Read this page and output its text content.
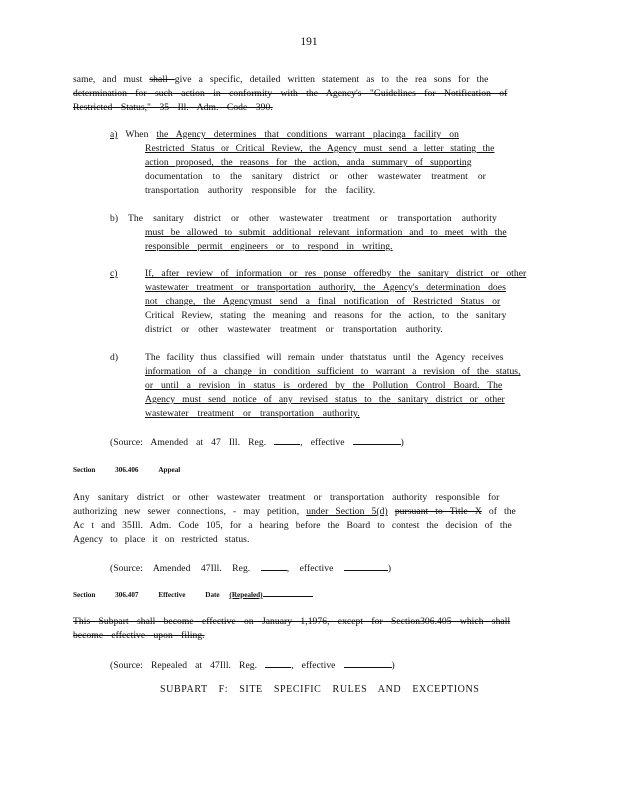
191
same, and must shall give a specific, detailed written statement as to the rea sons for the
determination for such action in conformity with the Agency's "Guidelines for Notification of
Restricted Status," 35 Ill. Adm. Code 390.
a) When the Agency determines that conditions warrant placinga facility on
Restricted Status or Critical Review, the Agency must send a letter stating the
action proposed, the reasons for the action, anda summary of supporting
documentation to the sanitary district or other wastewater treatment or
transportation authority responsible for the facility.
b) The sanitary district or other wastewater treatment or transportation authority
must be allowed to submit additional relevant information and to meet with the
responsible permit engineers or to respond in writing.
c)	If, after review of information or res ponse offeredby the sanitary district or other
wastewater treatment or transportation authority, the Agency's determination does
not change, the Agencymust send a final notification of Restricted Status or
Critical Review, stating the meaning and reasons for the action, to the sanitary
district or other wastewater treatment or transportation authority.
d)	The facility thus classified will remain under thatstatus until the Agency receives
information of a change in condition sufficient to warrant a revision of the status,
or until a revision in status is ordered by the Pollution Control Board. The
Agency must send notice of any revised status to the sanitary district or other
wastewater treatment or transportation authority.
(Source: Amended at 47 Ill. Reg.	, effective	)
Section	306.406	Appeal
Any sanitary district or other wastewater treatment or transportation authority responsible for
authorizing new sewer connections, - may petition, under Section 5(d) pursuant to Title X of the
Ac t and 35Ill. Adm. Code 105, for a hearing before the Board to contest the decision of the
Agency to place it on restricted status.
(Source: Amended 47Ill. Reg.	, effective	)
Section	306.407	Effective	Date (Repealed)
This Subpart shall become effective on January 1,1976, except for Section306.405 which shall
become effective upon filing.
(Source: Repealed at 47Ill. Reg.	, effective	)
SUBPART F: SITE SPECIFIC RULES AND EXCEPTIONS
